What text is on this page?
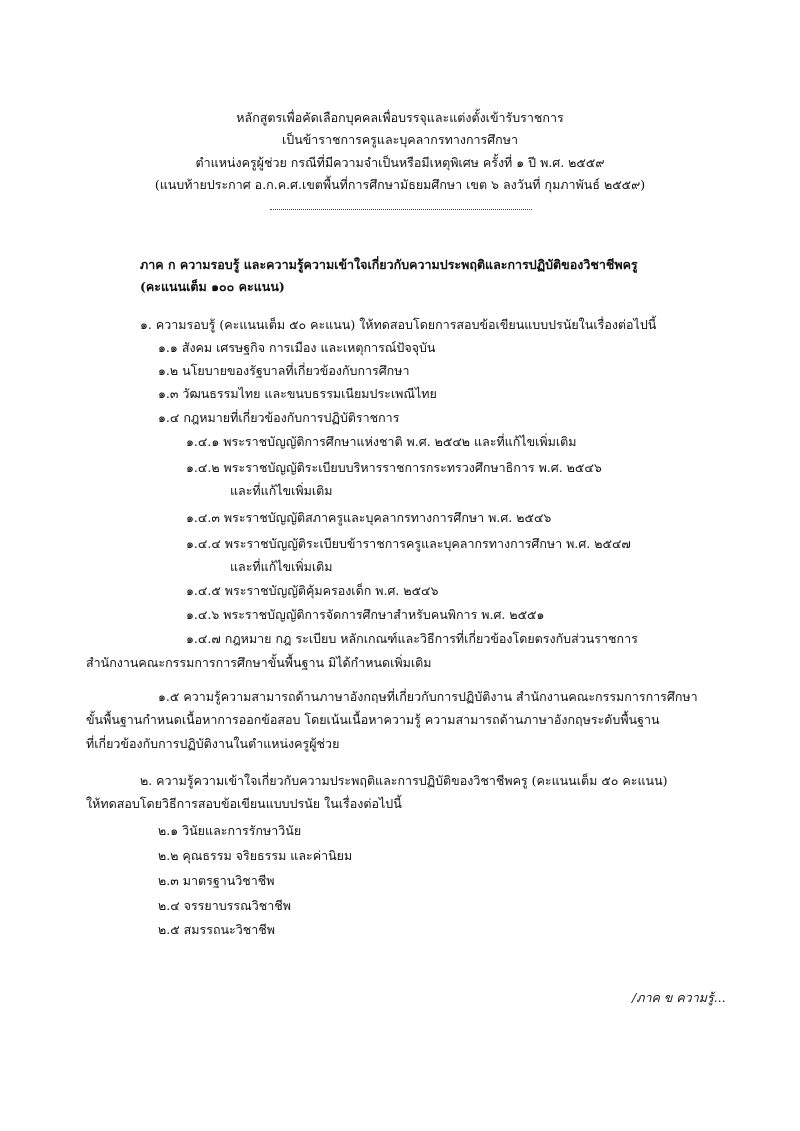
หลักสูตรเพื่อคัดเลือกบุคคลเพื่อบรรจุและแต่งตั้งเข้ารับราชการ
เป็นข้าราชการครูและบุคลากรทางการศึกษา
ตำแหน่งครูผู้ช่วย กรณีที่มีความจำเป็นหรือมีเหตุพิเศษ ครั้งที่ ๑ ปี พ.ศ. ๒๕๕๙
(แนบท้ายประกาศ อ.ก.ค.ศ.เขตพื้นที่การศึกษามัธยมศึกษา เขต ๖ ลงวันที่ กุมภาพันธ์ ๒๕๕๙)
ภาค ก ความรอบรู้ และความรู้ความเข้าใจเกี่ยวกับความประพฤติและการปฏิบัติของวิชาชีพครู
(คะแนนเต็ม ๑๐๐ คะแนน)
๑. ความรอบรู้ (คะแนนเต็ม ๕๐ คะแนน) ให้ทดสอบโดยการสอบข้อเขียนแบบปรนัยในเรื่องต่อไปนี้
๑.๑ สังคม เศรษฐกิจ การเมือง และเหตุการณ์ปัจจุบัน
๑.๒ นโยบายของรัฐบาลที่เกี่ยวข้องกับการศึกษา
๑.๓ วัฒนธรรมไทย และขนบธรรมเนียมประเพณีไทย
๑.๔ กฎหมายที่เกี่ยวข้องกับการปฏิบัติราชการ
๑.๔.๑ พระราชบัญญัติการศึกษาแห่งชาติ พ.ศ. ๒๕๔๒ และที่แก้ไขเพิ่มเติม
๑.๔.๒ พระราชบัญญัติระเบียบบริหารราชการกระทรวงศึกษาธิการ พ.ศ. ๒๕๔๖
และที่แก้ไขเพิ่มเติม
๑.๔.๓ พระราชบัญญัติสภาครูและบุคลากรทางการศึกษา พ.ศ. ๒๕๔๖
๑.๔.๔ พระราชบัญญัติระเบียบข้าราชการครูและบุคลากรทางการศึกษา พ.ศ. ๒๕๔๗
และที่แก้ไขเพิ่มเติม
๑.๔.๕ พระราชบัญญัติคุ้มครองเด็ก พ.ศ. ๒๕๔๖
๑.๔.๖ พระราชบัญญัติการจัดการศึกษาสำหรับคนพิการ พ.ศ. ๒๕๕๑
๑.๔.๗ กฎหมาย กฎ ระเบียบ หลักเกณฑ์และวิธีการที่เกี่ยวข้องโดยตรงกับส่วนราชการ
สำนักงานคณะกรรมการการศึกษาขั้นพื้นฐาน มิได้กำหนดเพิ่มเติม
๑.๕ ความรู้ความสามารถด้านภาษาอังกฤษที่เกี่ยวกับการปฏิบัติงาน สำนักงานคณะกรรมการการศึกษา
ขั้นพื้นฐานกำหนดเนื้อหาการออกข้อสอบ โดยเน้นเนื้อหาความรู้ ความสามารถด้านภาษาอังกฤษระดับพื้นฐาน
ที่เกี่ยวข้องกับการปฏิบัติงานในตำแหน่งครูผู้ช่วย
๒. ความรู้ความเข้าใจเกี่ยวกับความประพฤติและการปฏิบัติของวิชาชีพครู (คะแนนเต็ม ๕๐ คะแนน)
ให้ทดสอบโดยวิธีการสอบข้อเขียนแบบปรนัย ในเรื่องต่อไปนี้
๒.๑ วินัยและการรักษาวินัย
๒.๒ คุณธรรม จริยธรรม และค่านิยม
๒.๓ มาตรฐานวิชาชีพ
๒.๔ จรรยาบรรณวิชาชีพ
๒.๕ สมรรถนะวิชาชีพ
/ภาค ข ความรู้...
